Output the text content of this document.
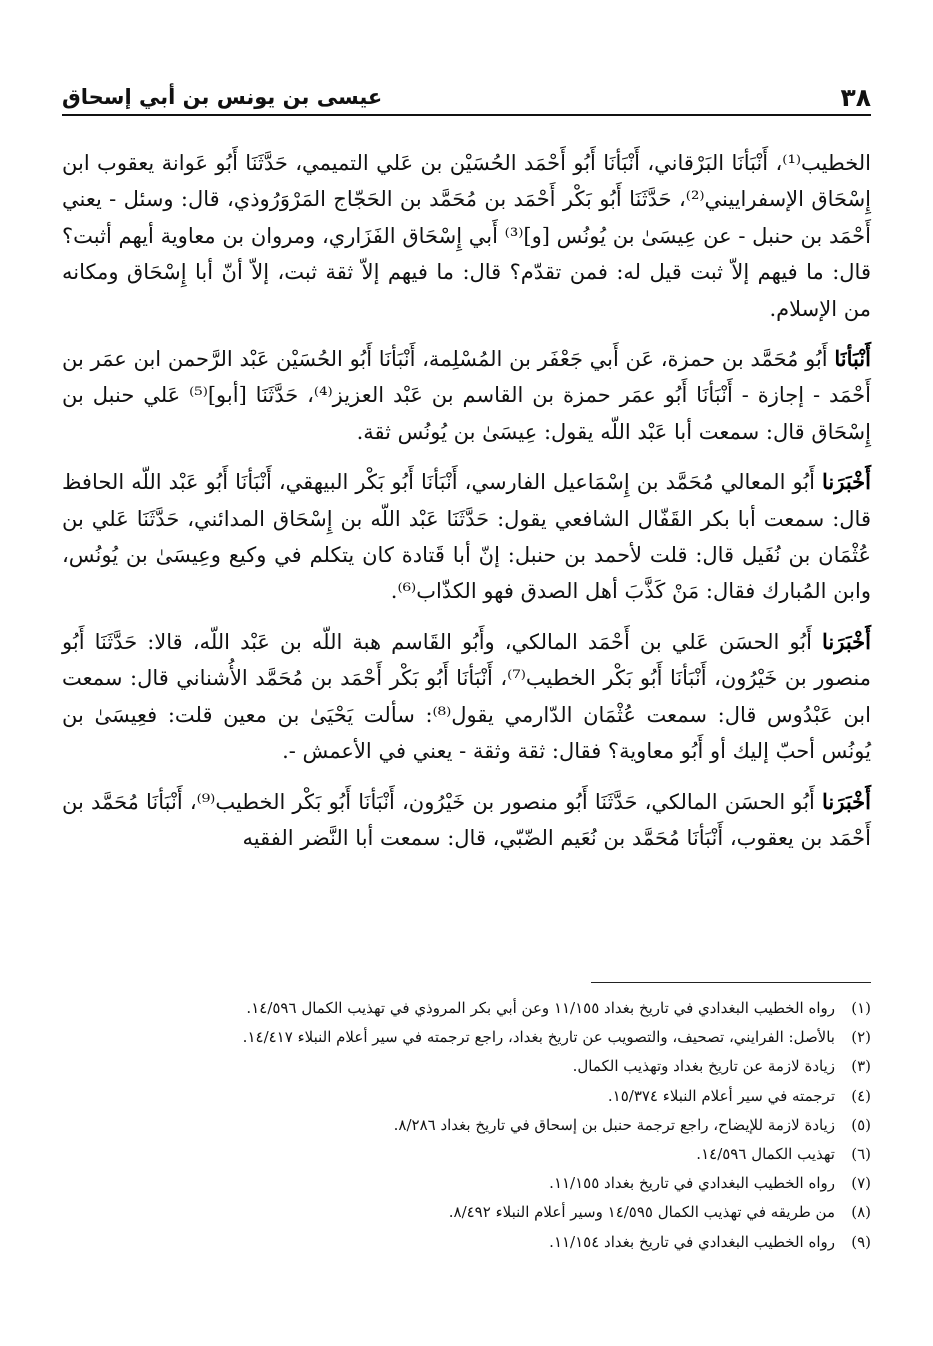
٣٨
عيسى بن يونس بن أبي إسحاق

الخطيب⁽¹⁾، أَنْبَأنَا البَرْقاني، أَنْبَأنَا أَبُو أَحْمَد الحُسَيْن بن عَلي التميمي، حَدَّثَنَا أَبُو عَوانة يعقوب ابن إِسْحَاق الإسفراييني⁽²⁾، حَدَّثَنَا أَبُو بَكْر أَحْمَد بن مُحَمَّد بن الحَجّاج المَرْوَرُوذي، قال: وسئل - يعني أَحْمَد بن حنبل - عن عِيسَىٰ بن يُونُس [و]⁽³⁾ أَبي إِسْحَاق الفَزَاري، ومروان بن معاوية أيهم أثبت؟ قال: ما فيهم إلاّ ثبت قيل له: فمن تقدّم؟ قال: ما فيهم إلاّ ثقة ثبت، إلاّ أنّ أبا إِسْحَاق ومكانه من الإسلام.

أَنْبَأنَا أَبُو مُحَمَّد بن حمزة، عَن أَبي جَعْفَر بن المُسْلِمة، أَنْبَأنَا أَبُو الحُسَيْن عَبْد الرَّحمن ابن عمَر بن أَحْمَد - إجازة - أَنْبَأنَا أَبُو عمَر حمزة بن القاسم بن عَبْد العزيز⁽⁴⁾، حَدَّثَنَا [أبو]⁽⁵⁾ عَلي حنبل بن إِسْحَاق قال: سمعت أبا عَبْد اللّه يقول: عِيسَىٰ بن يُونُس ثقة.

أَخْبَرَنا أَبُو المعالي مُحَمَّد بن إِسْمَاعيل الفارسي، أَنْبَأنَا أَبُو بَكْر البيهقي، أَنْبَأنَا أَبُو عَبْد اللّه الحافظ قال: سمعت أبا بكر القَفّال الشافعي يقول: حَدَّثَنَا عَبْد اللّه بن إِسْحَاق المدائني، حَدَّثَنَا عَلي بن عُثْمَان بن نُفَيل قال: قلت لأحمد بن حنبل: إنّ أبا قَتادة كان يتكلم في وكيع وعِيسَىٰ بن يُونُس، وابن المُبارك فقال: مَنْ كَذَّبَ أهل الصدق فهو الكذّاب⁽⁶⁾.

أَخْبَرَنا أَبُو الحسَن عَلي بن أَحْمَد المالكي، وأَبُو القَاسم هبة اللّه بن عَبْد اللّه، قالا: حَدَّثَنَا أَبُو منصور بن خَيْرُون، أَنْبَأنَا أَبُو بَكْر الخطيب⁽⁷⁾، أَنْبَأنَا أَبُو بَكْر أَحْمَد بن مُحَمَّد الأُشناني قال: سمعت ابن عَبْدُوس قال: سمعت عُثْمَان الدّارمي يقول⁽⁸⁾: سألت يَحْيَىٰ بن معين قلت: فعِيسَىٰ بن يُونُس أحبّ إليك أو أَبُو معاوية؟ فقال: ثقة وثقة - يعني في الأعمش -.

أَخْبَرَنا أَبُو الحسَن المالكي، حَدَّثَنَا أَبُو منصور بن خَيْرُون، أَنْبَأنَا أَبُو بَكْر الخطيب⁽⁹⁾، أَنْبَأنَا مُحَمَّد بن أَحْمَد بن يعقوب، أَنْبَأنَا مُحَمَّد بن نُعَيم الضّبّي، قال: سمعت أبا النَّضر الفقيه

(١)
رواه الخطيب البغدادي في تاريخ بغداد ١١/١٥٥ وعن أبي بكر المروذي في تهذيب الكمال ١٤/٥٩٦.
(٢)
بالأصل: الفرايني، تصحيف، والتصويب عن تاريخ بغداد، راجع ترجمته في سير أعلام النبلاء ١٤/٤١٧.
(٣)
زيادة لازمة عن تاريخ بغداد وتهذيب الكمال.
(٤)
ترجمته في سير أعلام النبلاء ١٥/٣٧٤.
(٥)
زيادة لازمة للإيضاح، راجع ترجمة حنبل بن إسحاق في تاريخ بغداد ٨/٢٨٦.
(٦)
تهذيب الكمال ١٤/٥٩٦.
(٧)
رواه الخطيب البغدادي في تاريخ بغداد ١١/١٥٥.
(٨)
من طريقه في تهذيب الكمال ١٤/٥٩٥ وسير أعلام النبلاء ٨/٤٩٢.
(٩)
رواه الخطيب البغدادي في تاريخ بغداد ١١/١٥٤.
